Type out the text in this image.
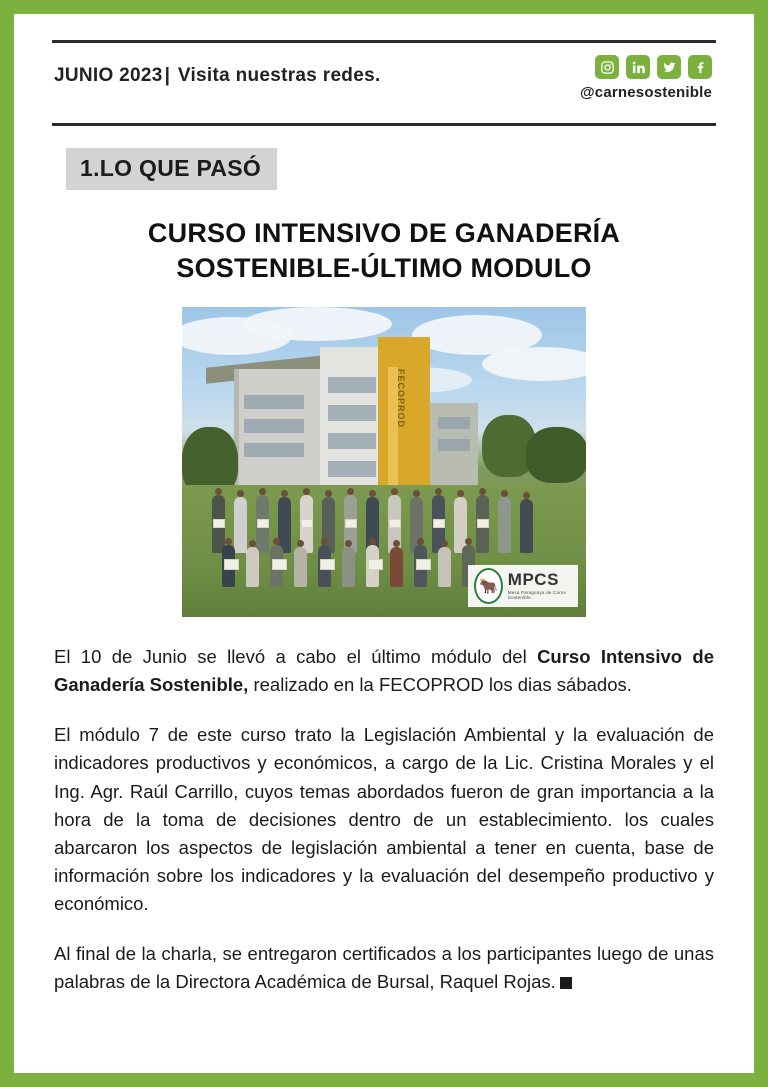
JUNIO 2023 | Visita nuestras redes.
@carnesostenible
1.LO QUE PASÓ
CURSO INTENSIVO DE GANADERÍA SOSTENIBLE-ÚLTIMO MODULO
FECOPROD
🐂 MPCS
Mesa Paraguaya de Carne Sostenible

El 10 de Junio se llevó a cabo el último módulo del Curso Intensivo de Ganadería Sostenible, realizado en la FECOPROD los dias sábados.

El módulo 7 de este curso trato la Legislación Ambiental y la evaluación de indicadores productivos y económicos, a cargo de la Lic. Cristina Morales y el Ing. Agr. Raúl Carrillo, cuyos temas abordados fueron de gran importancia a la hora de la toma de decisiones dentro de un establecimiento. los cuales abarcaron los aspectos de legislación ambiental a tener en cuenta, base de información sobre los indicadores y la evaluación del desempeño productivo y económico.

Al final de la charla, se entregaron certificados a los participantes luego de unas palabras de la Directora Académica de Bursal, Raquel Rojas.
